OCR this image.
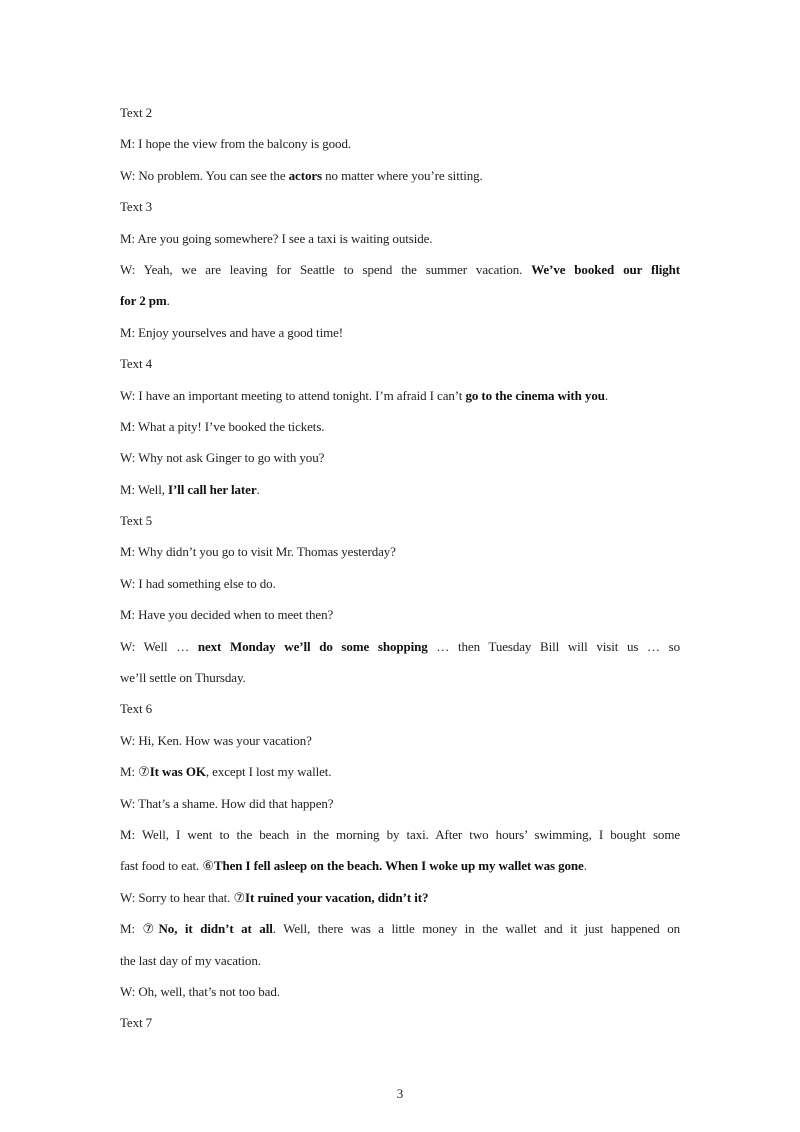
Text 2
M: I hope the view from the balcony is good.
W: No problem. You can see the actors no matter where you’re sitting.
Text 3
M: Are you going somewhere? I see a taxi is waiting outside.
W: Yeah, we are leaving for Seattle to spend the summer vacation. We’ve booked our flight
for 2 pm.
M: Enjoy yourselves and have a good time!
Text 4
W: I have an important meeting to attend tonight. I’m afraid I can’t go to the cinema with you.
M: What a pity! I’ve booked the tickets.
W: Why not ask Ginger to go with you?
M: Well, I’ll call her later.
Text 5
M: Why didn’t you go to visit Mr. Thomas yesterday?
W: I had something else to do.
M: Have you decided when to meet then?
W: Well … next Monday we’ll do some shopping … then Tuesday Bill will visit us … so
we’ll settle on Thursday.
Text 6
W: Hi, Ken. How was your vacation?
M: ⑦It was OK, except I lost my wallet.
W: That’s a shame. How did that happen?
M: Well, I went to the beach in the morning by taxi. After two hours’ swimming, I bought some
fast food to eat. ⑥Then I fell asleep on the beach. When I woke up my wallet was gone.
W: Sorry to hear that. ⑦It ruined your vacation, didn’t it?
M: ⑦No, it didn’t at all. Well, there was a little money in the wallet and it just happened on
the last day of my vacation.
W: Oh, well, that’s not too bad.
Text 7
3
